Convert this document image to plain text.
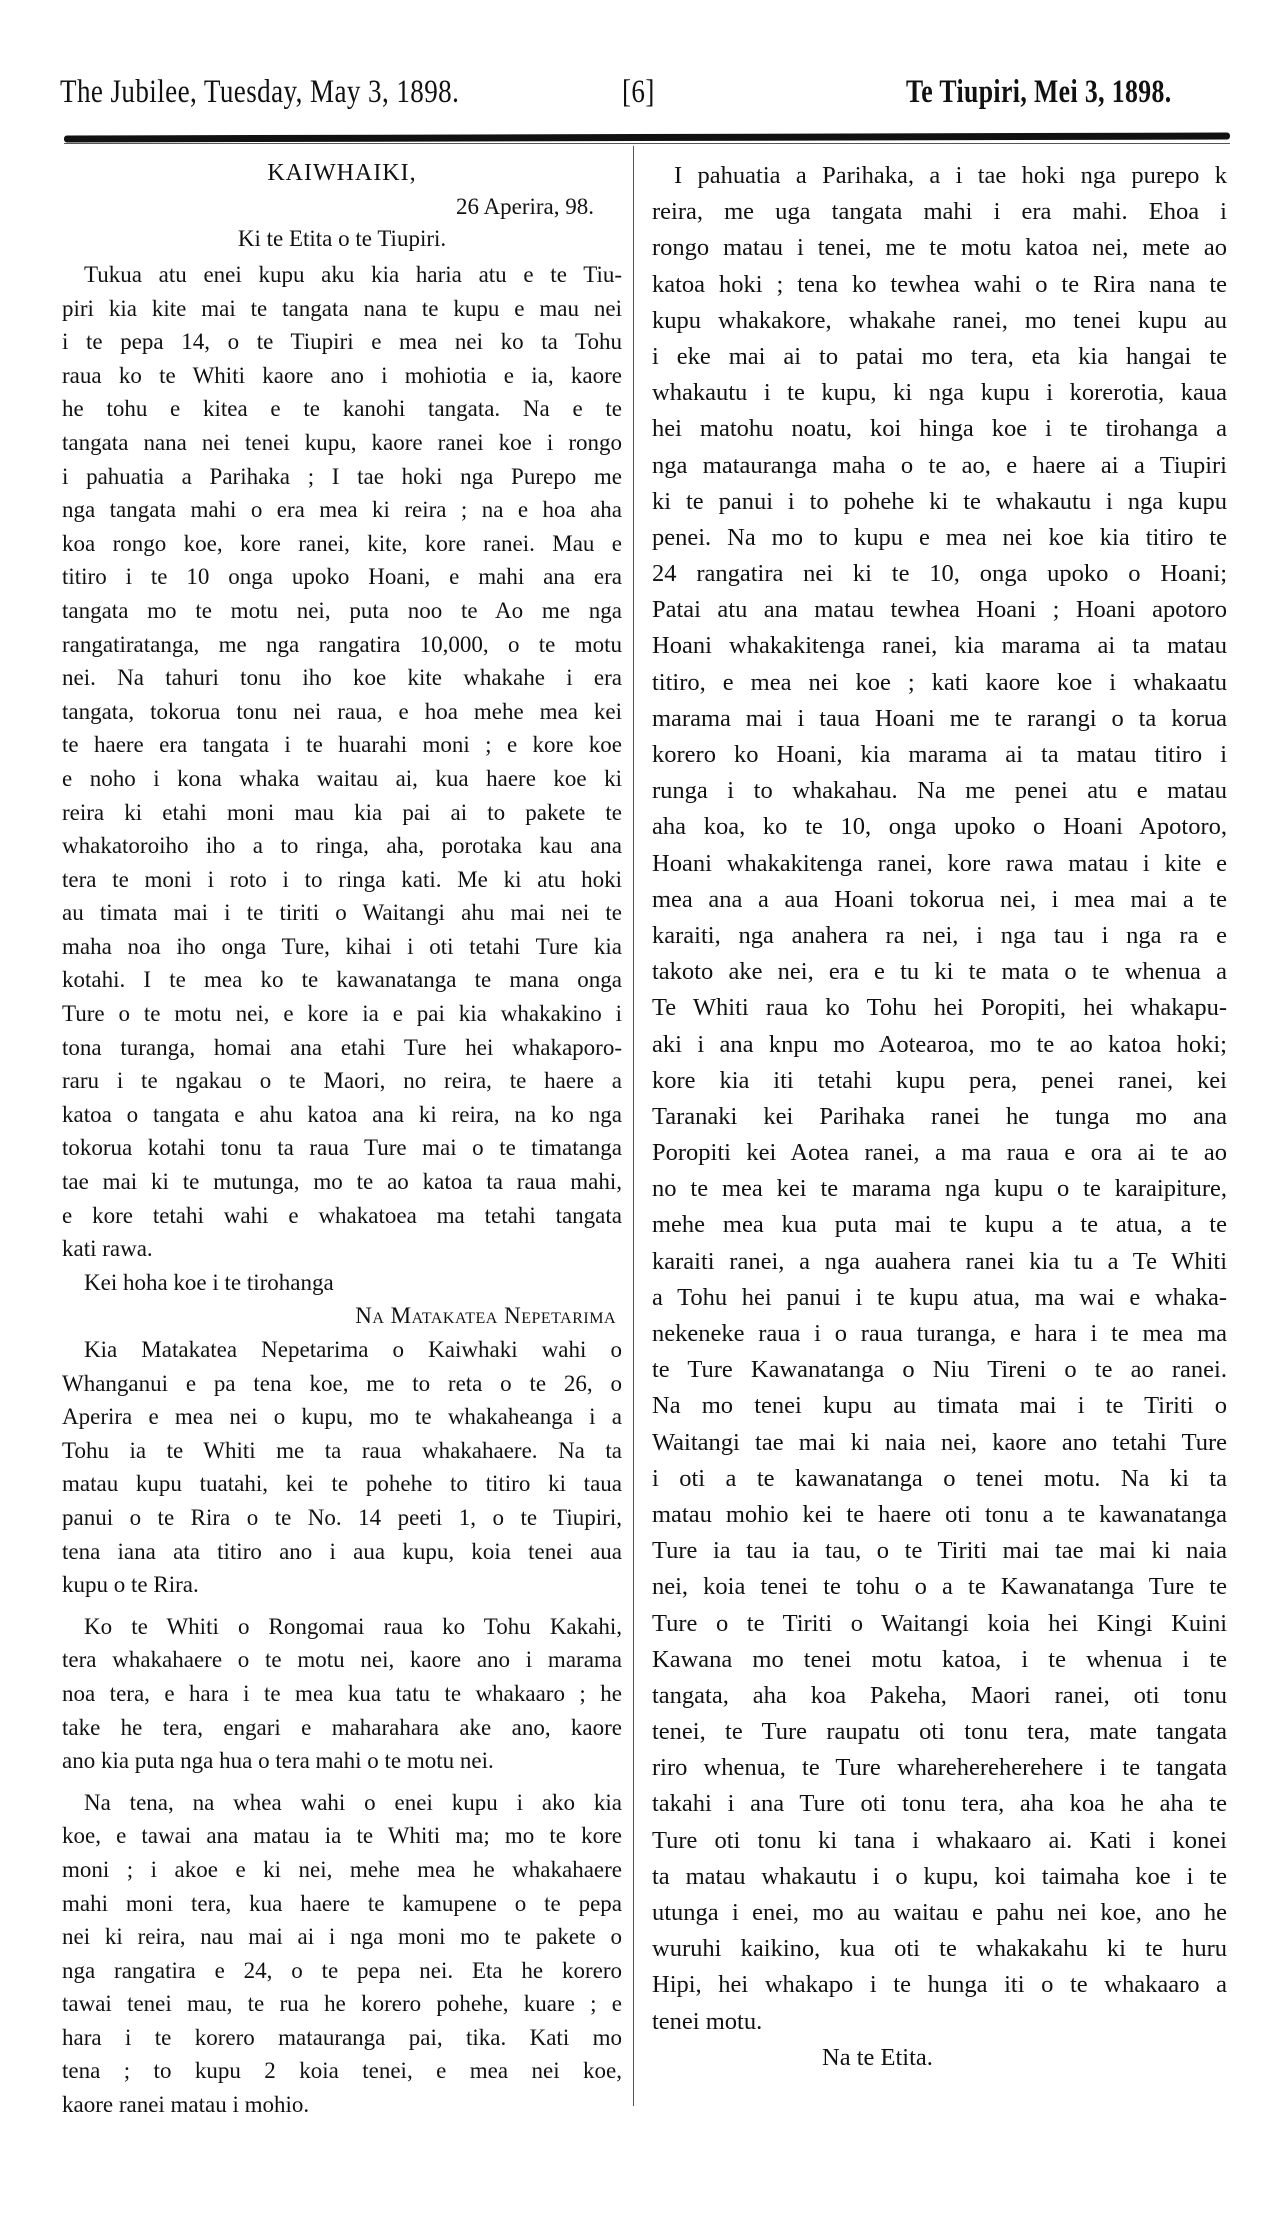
The Jubilee, Tuesday, May 3, 1898.	[6]	Te Tiupiri, Mei 3, 1898.
KAIWHAIKI,
26 Aperira, 98.
Ki te Etita o te Tiupiri.
Tukua atu enei kupu aku kia haria atu e te Tiu-
piri kia kite mai te tangata nana te kupu e mau nei
i te pepa 14, o te Tiupiri e mea nei ko ta Tohu
raua ko te Whiti kaore ano i mohiotia e ia, kaore
he tohu e kitea e te kanohi tangata. Na e te
tangata nana nei tenei kupu, kaore ranei koe i rongo
i pahuatia a Parihaka ; I tae hoki nga Purepo me
nga tangata mahi o era mea ki reira ; na e hoa aha
koa rongo koe, kore ranei, kite, kore ranei. Mau e
titiro i te 10 onga upoko Hoani, e mahi ana era
tangata mo te motu nei, puta noo te Ao me nga
rangatiratanga, me nga rangatira 10,000, o te motu
nei. Na tahuri tonu iho koe kite whakahe i era
tangata, tokorua tonu nei raua, e hoa mehe mea kei
te haere era tangata i te huarahi moni ; e kore koe
e noho i kona whaka waitau ai, kua haere koe ki
reira ki etahi moni mau kia pai ai to pakete te
whakatoroiho iho a to ringa, aha, porotaka kau ana
tera te moni i roto i to ringa kati. Me ki atu hoki
au timata mai i te tiriti o Waitangi ahu mai nei te
maha noa iho onga Ture, kihai i oti tetahi Ture kia
kotahi. I te mea ko te kawanatanga te mana onga
Ture o te motu nei, e kore ia e pai kia whakakino i
tona turanga, homai ana etahi Ture hei whakaporo-
raru i te ngakau o te Maori, no reira, te haere a
katoa o tangata e ahu katoa ana ki reira, na ko nga
tokorua kotahi tonu ta raua Ture mai o te timatanga
tae mai ki te mutunga, mo te ao katoa ta raua mahi,
e kore tetahi wahi e whakatoea ma tetahi tangata
kati rawa.
Kei hoha koe i te tirohanga
Na Matakatea Nepetarima
Kia Matakatea Nepetarima o Kaiwhaki wahi o
Whanganui e pa tena koe, me to reta o te 26, o
Aperira e mea nei o kupu, mo te whakaheanga i a
Tohu ia te Whiti me ta raua whakahaere. Na ta
matau kupu tuatahi, kei te pohehe to titiro ki taua
panui o te Rira o te No. 14 peeti 1, o te Tiupiri,
tena iana ata titiro ano i aua kupu, koia tenei aua
kupu o te Rira.
Ko te Whiti o Rongomai raua ko Tohu Kakahi,
tera whakahaere o te motu nei, kaore ano i marama
noa tera, e hara i te mea kua tatu te whakaaro ; he
take he tera, engari e maharahara ake ano, kaore
ano kia puta nga hua o tera mahi o te motu nei.
Na tena, na whea wahi o enei kupu i ako kia
koe, e tawai ana matau ia te Whiti ma; mo te kore
moni ; i akoe e ki nei, mehe mea he whakahaere
mahi moni tera, kua haere te kamupene o te pepa
nei ki reira, nau mai ai i nga moni mo te pakete o
nga rangatira e 24, o te pepa nei. Eta he korero
tawai tenei mau, te rua he korero pohehe, kuare ; e
hara i te korero matauranga pai, tika. Kati mo
tena ; to kupu 2 koia tenei, e mea nei koe,
kaore ranei matau i mohio.
I pahuatia a Parihaka, a i tae hoki nga purepo k
reira, me uga tangata mahi i era mahi. Ehoa i
rongo matau i tenei, me te motu katoa nei, mete ao
katoa hoki ; tena ko tewhea wahi o te Rira nana te
kupu whakakore, whakahe ranei, mo tenei kupu au
i eke mai ai to patai mo tera, eta kia hangai te
whakautu i te kupu, ki nga kupu i korerotia, kaua
hei matohu noatu, koi hinga koe i te tirohanga a
nga matauranga maha o te ao, e haere ai a Tiupiri
ki te panui i to pohehe ki te whakautu i nga kupu
penei. Na mo to kupu e mea nei koe kia titiro te
24 rangatira nei ki te 10, onga upoko o Hoani;
Patai atu ana matau tewhea Hoani ; Hoani apotoro
Hoani whakakitenga ranei, kia marama ai ta matau
titiro, e mea nei koe ; kati kaore koe i whakaatu
marama mai i taua Hoani me te rarangi o ta korua
korero ko Hoani, kia marama ai ta matau titiro i
runga i to whakahau. Na me penei atu e matau
aha koa, ko te 10, onga upoko o Hoani Apotoro,
Hoani whakakitenga ranei, kore rawa matau i kite e
mea ana a aua Hoani tokorua nei, i mea mai a te
karaiti, nga anahera ra nei, i nga tau i nga ra e
takoto ake nei, era e tu ki te mata o te whenua a
Te Whiti raua ko Tohu hei Poropiti, hei whakapu-
aki i ana knpu mo Aotearoa, mo te ao katoa hoki;
kore kia iti tetahi kupu pera, penei ranei, kei
Taranaki kei Parihaka ranei he tunga mo ana
Poropiti kei Aotea ranei, a ma raua e ora ai te ao
no te mea kei te marama nga kupu o te karaipiture,
mehe mea kua puta mai te kupu a te atua, a te
karaiti ranei, a nga auahera ranei kia tu a Te Whiti
a Tohu hei panui i te kupu atua, ma wai e whaka-
nekeneke raua i o raua turanga, e hara i te mea ma
te Ture Kawanatanga o Niu Tireni o te ao ranei.
Na mo tenei kupu au timata mai i te Tiriti o
Waitangi tae mai ki naia nei, kaore ano tetahi Ture
i oti a te kawanatanga o tenei motu. Na ki ta
matau mohio kei te haere oti tonu a te kawanatanga
Ture ia tau ia tau, o te Tiriti mai tae mai ki naia
nei, koia tenei te tohu o a te Kawanatanga Ture te
Ture o te Tiriti o Waitangi koia hei Kingi Kuini
Kawana mo tenei motu katoa, i te whenua i te
tangata, aha koa Pakeha, Maori ranei, oti tonu
tenei, te Ture raupatu oti tonu tera, mate tangata
riro whenua, te Ture wharehereherehere i te tangata
takahi i ana Ture oti tonu tera, aha koa he aha te
Ture oti tonu ki tana i whakaaro ai. Kati i konei
ta matau whakautu i o kupu, koi taimaha koe i te
utunga i enei, mo au waitau e pahu nei koe, ano he
wuruhi kaikino, kua oti te whakakahu ki te huru
Hipi, hei whakapo i te hunga iti o te whakaaro a
tenei motu.
Na te Etita.
